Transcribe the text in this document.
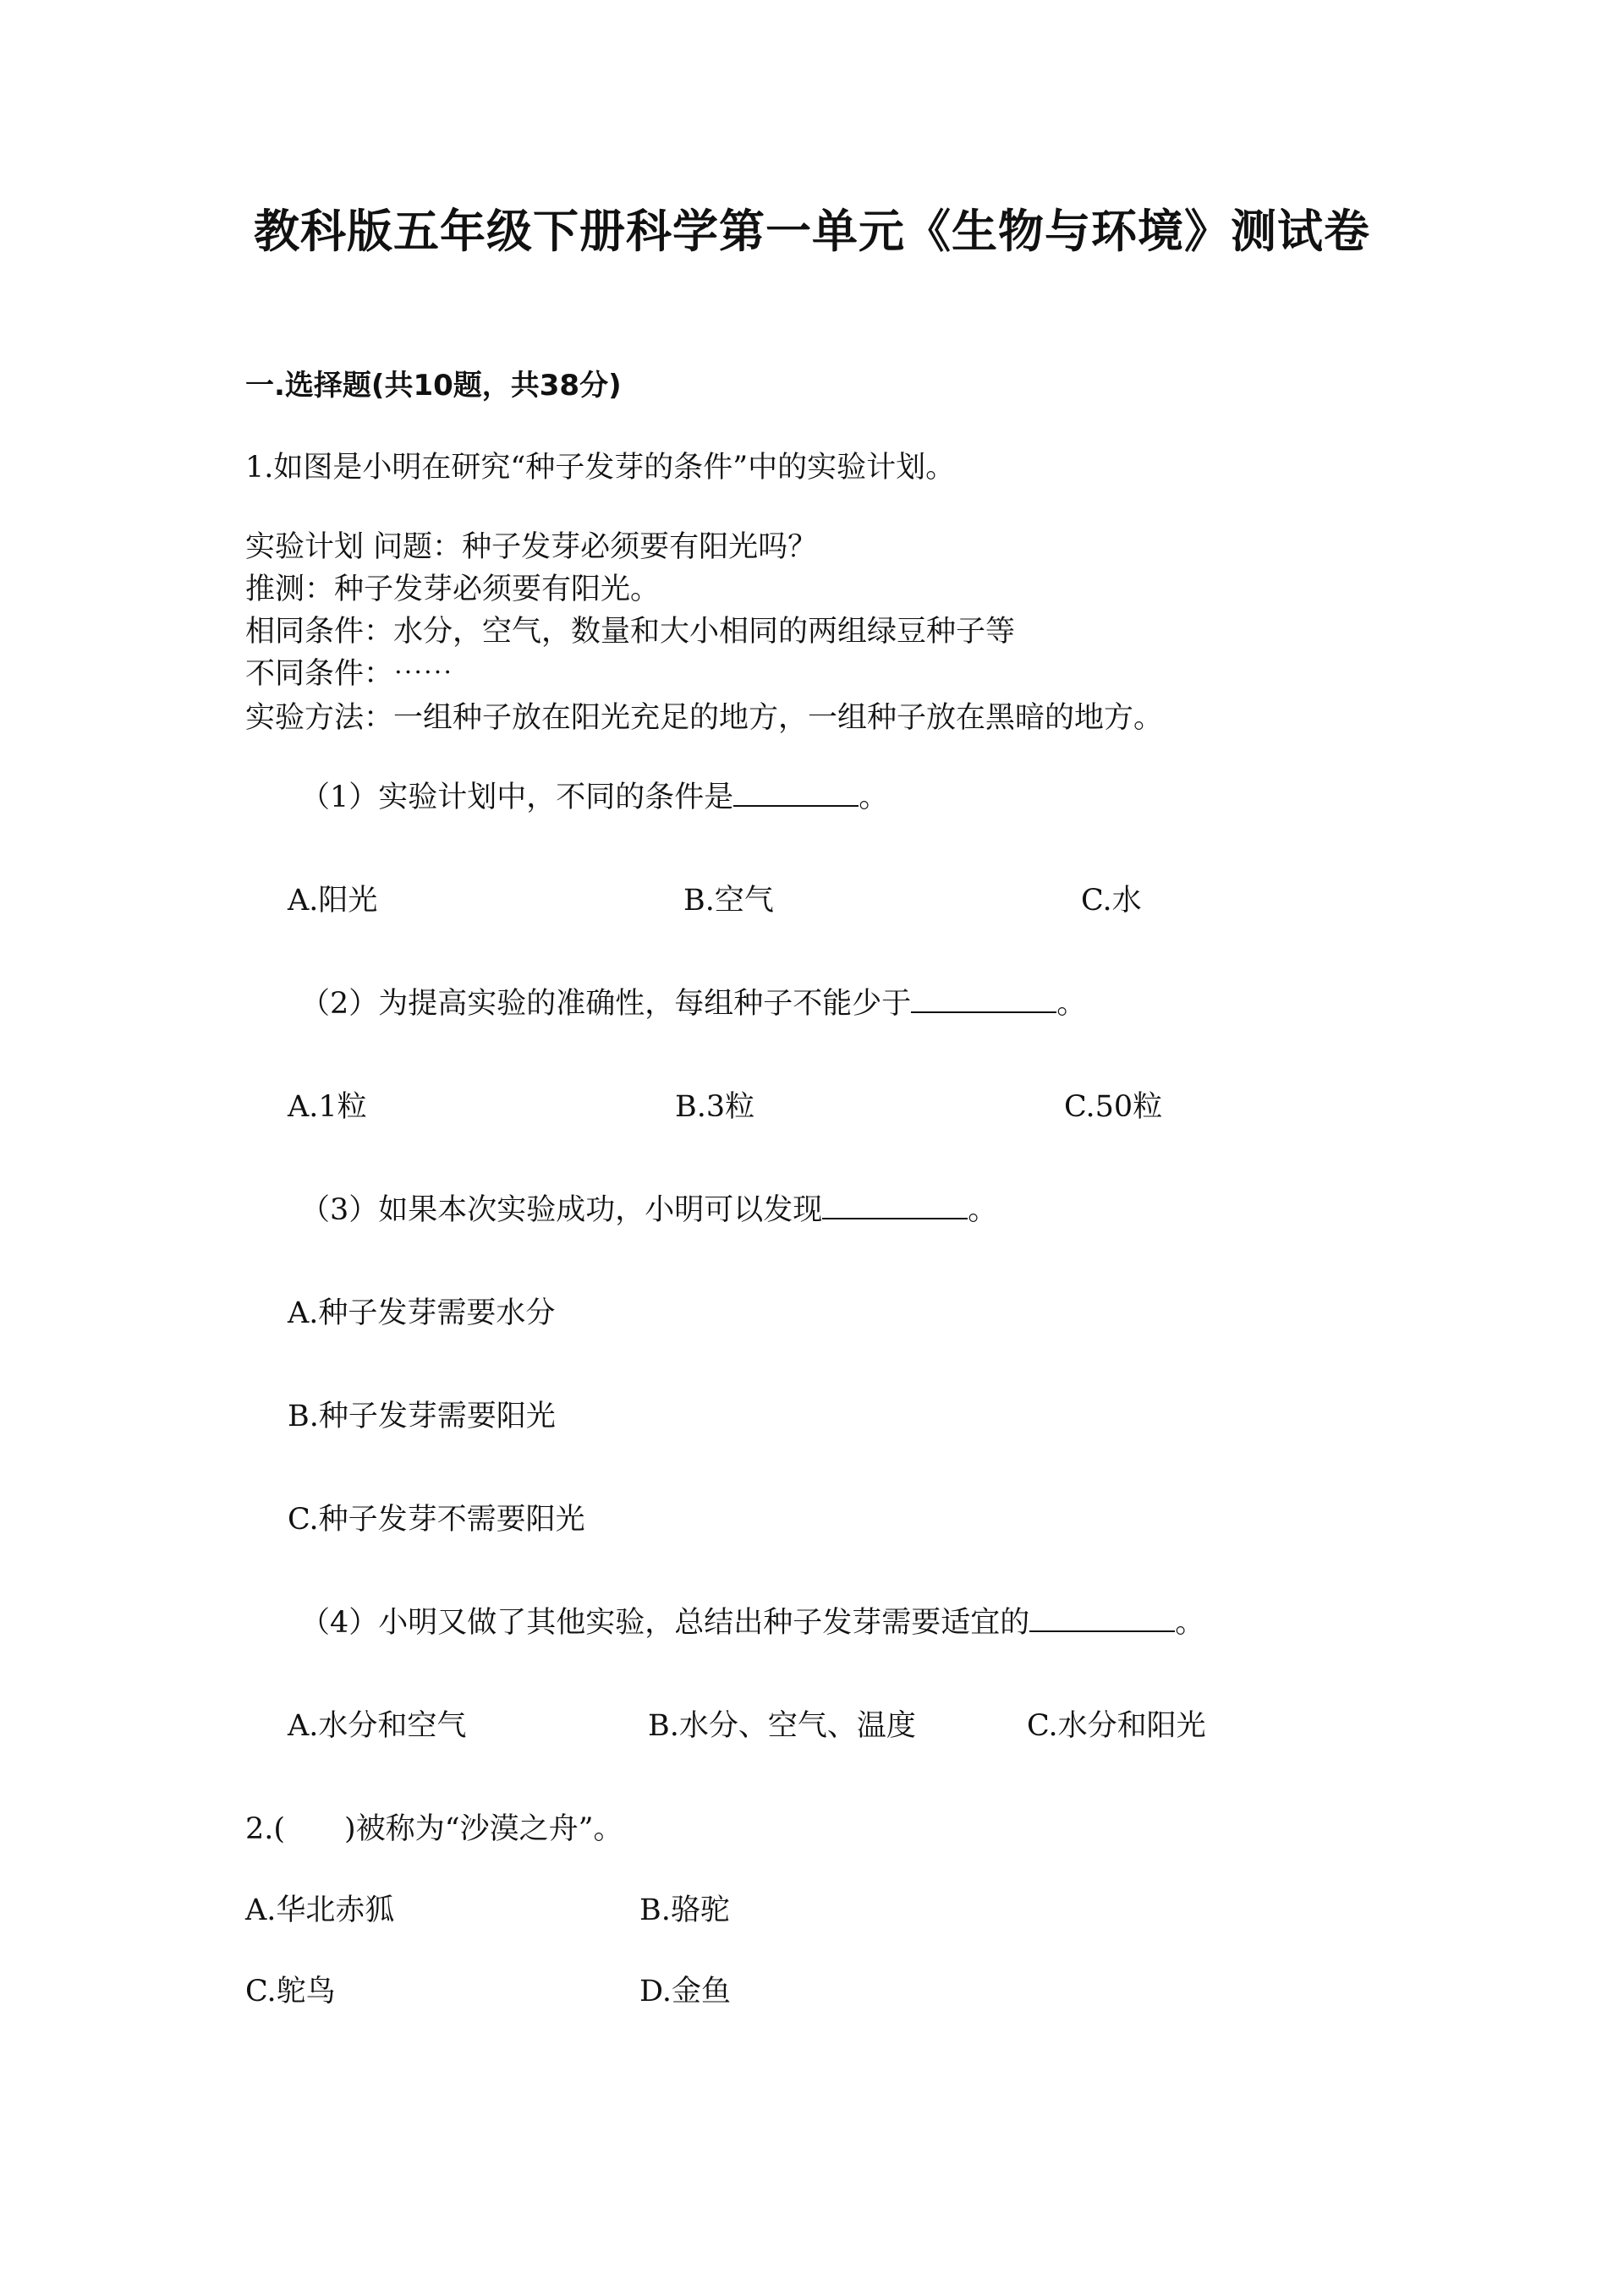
教科版五年级下册科学第一单元《生物与环境》测试卷
一.选择题(共10题，共38分)
1.如图是小明在研究“种子发芽的条件”中的实验计划。
实验计划 问题：种子发芽必须要有阳光吗？
推测：种子发芽必须要有阳光。
相同条件：水分，空气，数量和大小相同的两组绿豆种子等
不同条件：⋯⋯
实验方法：一组种子放在阳光充足的地方，一组种子放在黑暗的地方。
（1）实验计划中，不同的条件是	。
A.阳光	B.空气	C.水
（2）为提高实验的准确性，每组种子不能少于	。
A.1粒	B.3粒	C.50粒
（3）如果本次实验成功，小明可以发现	。
A.种子发芽需要水分
B.种子发芽需要阳光
C.种子发芽不需要阳光
（4）小明又做了其他实验，总结出种子发芽需要适宜的	。
A.水分和空气	B.水分、空气、温度	C.水分和阳光
2.(　　)被称为“沙漠之舟”。
A.华北赤狐	B.骆驼
C.鸵鸟	D.金鱼
